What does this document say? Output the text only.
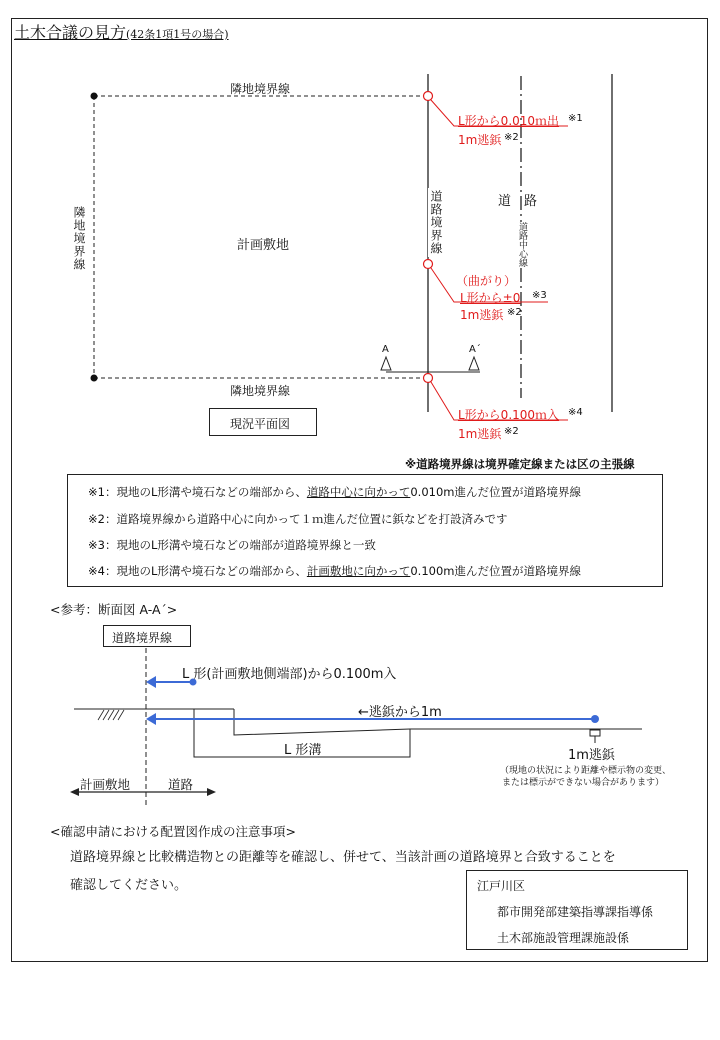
土木合議の見方(42条1項1号の場合)
隣地境界線
隣地境界線
隣地境界線	計画敷地	道路境界線	道　路
道路中心線
A	A´
現況平面図
L形から0.010ｍ出 ※1
1m逃鋲 ※2
（曲がり）
L形から±0 ※3
1m逃鋲 ※2
L形から0.100ｍ入 ※4
1m逃鋲 ※2
※道路境界線は境界確定線または区の主張線
※1：現地のL形溝や境石などの端部から、道路中心に向かって0.010m進んだ位置が道路境界線
※2：道路境界線から道路中心に向かって１ｍ進んだ位置に鋲などを打設済みです
※3：現地のL形溝や境石などの端部が道路境界線と一致
※4：現地のL形溝や境石などの端部から、計画敷地に向かって0.100m進んだ位置が道路境界線
<参考：断面図 A-A´>
道路境界線
L 形(計画敷地側端部)から0.100m入
←逃鋲から1m
L 形溝	1m逃鋲
（現地の状況により距離や標示物の変更、
または標示ができない場合があります）
計画敷地	道路
<確認申請における配置図作成の注意事項>
道路境界線と比較構造物との距離等を確認し、併せて、当該計画の道路境界と合致することを
確認してください。	江戸川区
都市開発部建築指導課指導係
土木部施設管理課施設係
